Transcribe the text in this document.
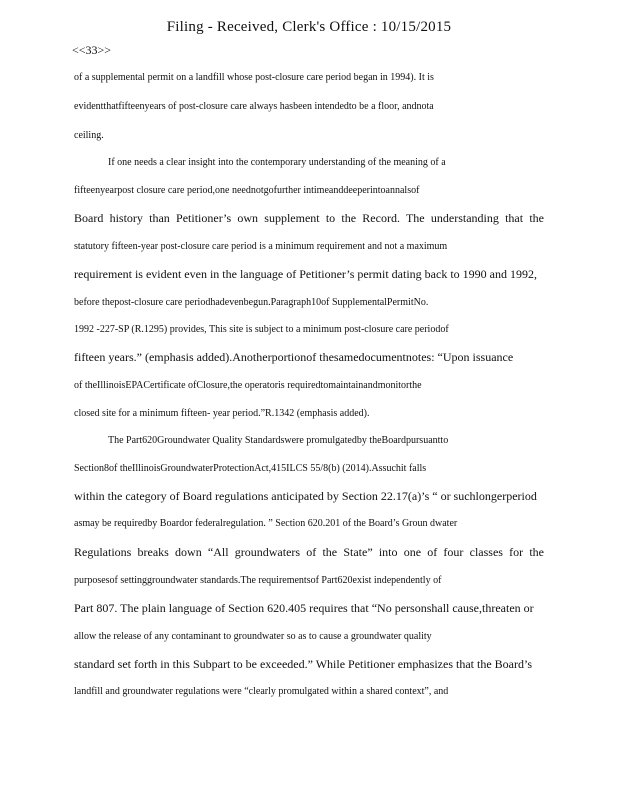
Filing - Received, Clerk's Office : 10/15/2015
<<33>>
of a supplemental permit on a landfill whose post-closure care period began in 1994). It is
evidentthatfifteenyears of post-closure care always hasbeen intendedto be a floor, andnota
ceiling.
If one needs a clear insight into the contemporary understanding of the meaning of a
fifteenyearpost closure care period,one neednotgofurther intimeanddeeperintoannalsof
Board history than Petitioner’s own supplement to the Record. The understanding that the
statutory fifteen-year post-closure care period is a minimum requirement and not a maximum
requirement is evident even in the language of Petitioner’s permit dating back to 1990 and 1992,
before thepost-closure care periodhadevenbegun.Paragraph10of SupplementalPermitNo.
1992 -227-SP (R.1295) provides, This site is subject to a minimum post-closure care periodof
fifteen years.” (emphasis added).Anotherportionof thesamedocumentnotes: “Upon issuance
of theIllinoisEPACertificate ofClosure,the operatoris requiredtomaintainandmonitorthe
closed site for a minimum fifteen- year period.”R.1342 (emphasis added).
The Part620Groundwater Quality Standardswere promulgatedby theBoardpursuantto
Section8of theIllinoisGroundwaterProtectionAct,415ILCS 55/8(b) (2014).Assuchit falls
within the category of Board regulations anticipated by Section 22.17(a)’s “ or suchlongerperiod
asmay be requiredby Boardor federalregulation. ” Section 620.201 of the Board’s Groun dwater
Regulations breaks down “All groundwaters of the State” into one of four classes for the
purposesof settinggroundwater standards.The requirementsof Part620exist independently of
Part 807. The plain language of Section 620.405 requires that “No personshall cause,threaten or
allow the release of any contaminant to groundwater so as to cause a groundwater quality
standard set forth in this Subpart to be exceeded.” While Petitioner emphasizes that the Board’s
landfill and groundwater regulations were “clearly promulgated within a shared context”, and
